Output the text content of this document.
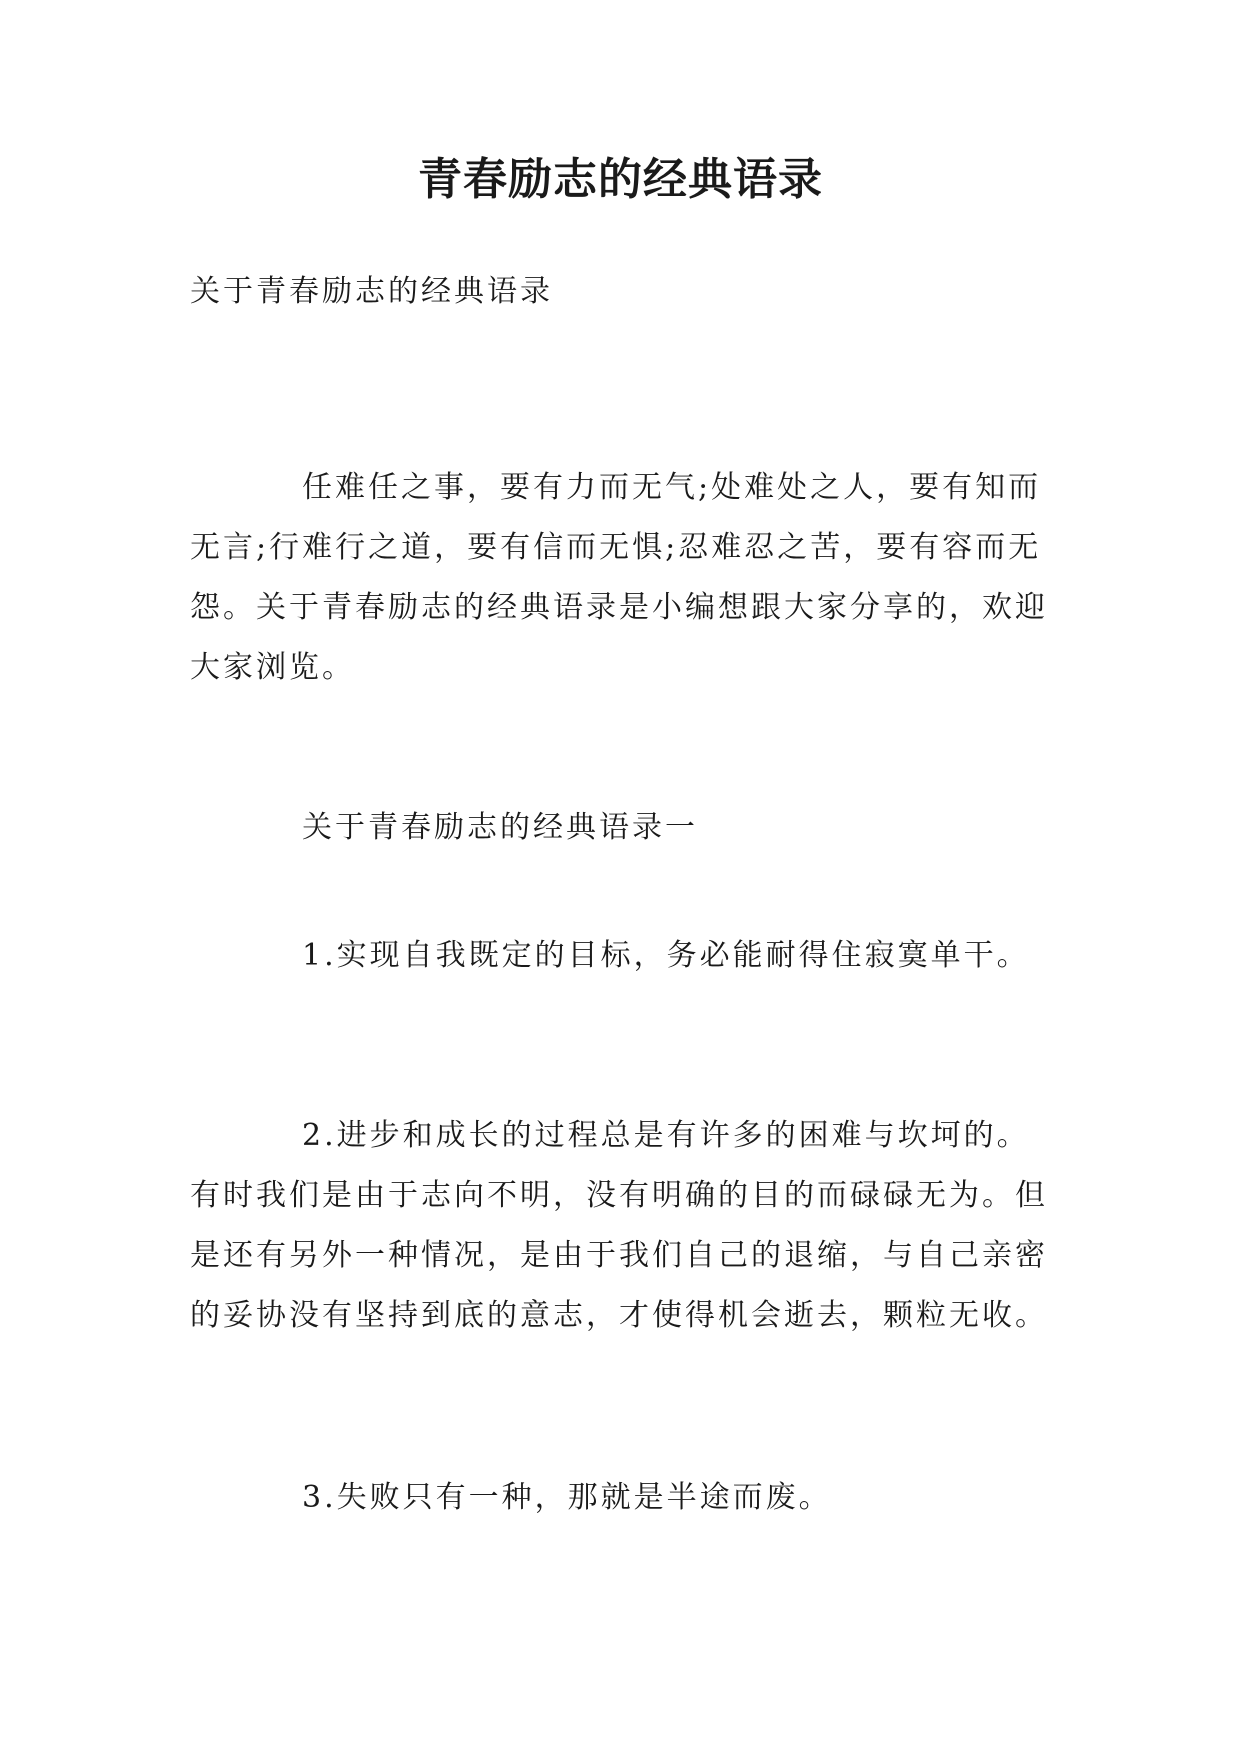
青春励志的经典语录

关于青春励志的经典语录

任难任之事，要有力而无气;处难处之人，要有知而无言;行难行之道，要有信而无惧;忍难忍之苦，要有容而无怨。关于青春励志的经典语录是小编想跟大家分享的，欢迎大家浏览。

关于青春励志的经典语录一

1.实现自我既定的目标，务必能耐得住寂寞单干。

2.进步和成长的过程总是有许多的困难与坎坷的。有时我们是由于志向不明，没有明确的目的而碌碌无为。但是还有另外一种情况，是由于我们自己的退缩，与自己亲密的妥协没有坚持到底的意志，才使得机会逝去，颗粒无收。

3.失败只有一种，那就是半途而废。
